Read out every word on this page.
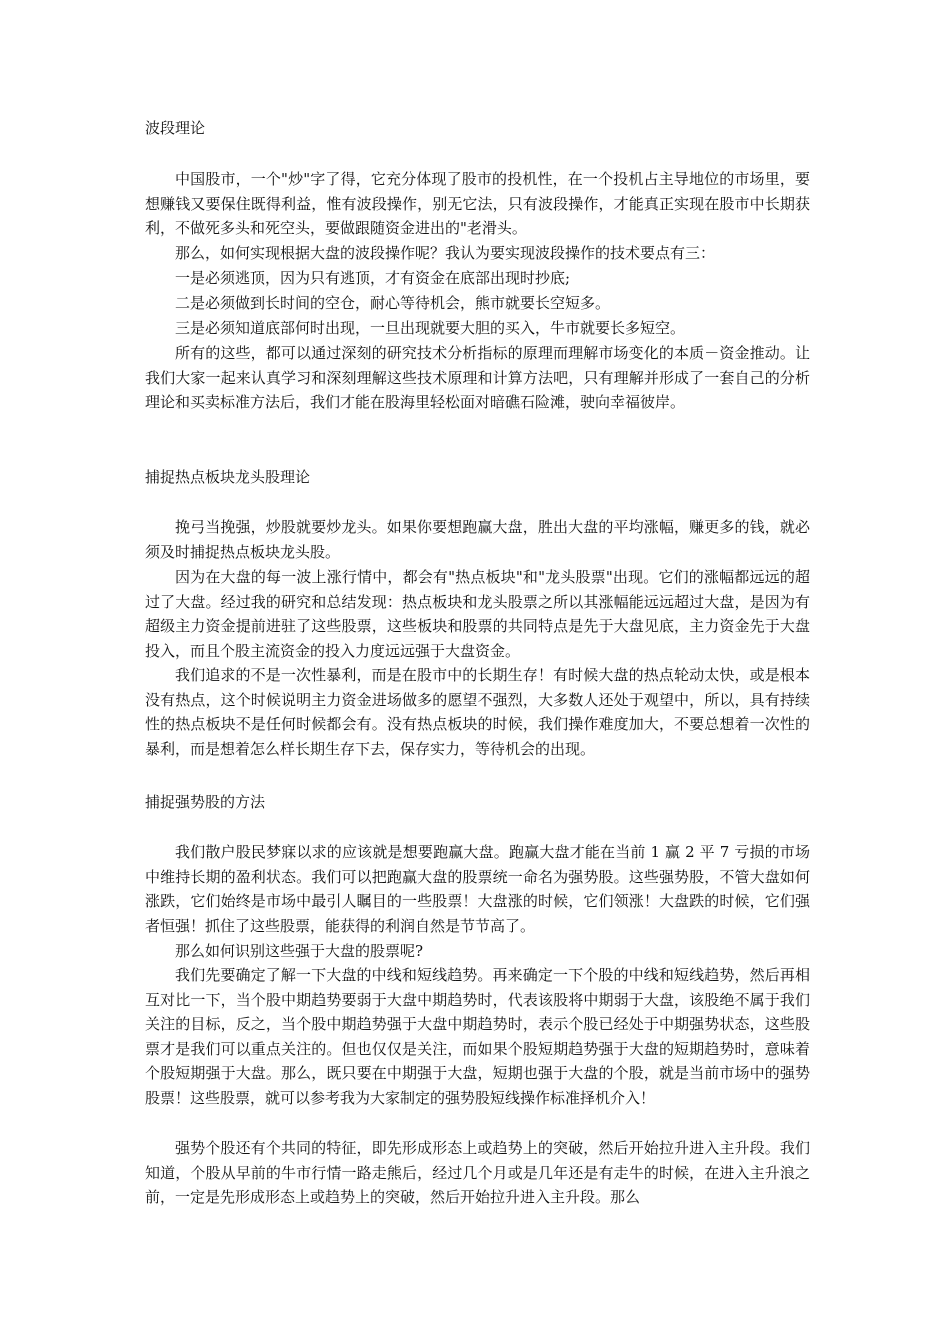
波段理论

中国股市，一个"炒"字了得，它充分体现了股市的投机性，在一个投机占主导地位的市场里，要想赚钱又要保住既得利益，惟有波段操作，别无它法，只有波段操作，才能真正实现在股市中长期获利，不做死多头和死空头，要做跟随资金进出的"老滑头。

那么，如何实现根据大盘的波段操作呢？我认为要实现波段操作的技术要点有三：

一是必须逃顶，因为只有逃顶，才有资金在底部出现时抄底;

二是必须做到长时间的空仓，耐心等待机会，熊市就要长空短多。

三是必须知道底部何时出现，一旦出现就要大胆的买入，牛市就要长多短空。

所有的这些，都可以通过深刻的研究技术分析指标的原理而理解市场变化的本质－资金推动。让我们大家一起来认真学习和深刻理解这些技术原理和计算方法吧，只有理解并形成了一套自己的分析理论和买卖标准方法后，我们才能在股海里轻松面对暗礁石险滩，驶向幸福彼岸。

捕捉热点板块龙头股理论

挽弓当挽强，炒股就要炒龙头。如果你要想跑赢大盘，胜出大盘的平均涨幅，赚更多的钱，就必须及时捕捉热点板块龙头股。

因为在大盘的每一波上涨行情中，都会有"热点板块"和"龙头股票"出现。它们的涨幅都远远的超过了大盘。经过我的研究和总结发现：热点板块和龙头股票之所以其涨幅能远远超过大盘，是因为有超级主力资金提前进驻了这些股票，这些板块和股票的共同特点是先于大盘见底，主力资金先于大盘投入，而且个股主流资金的投入力度远远强于大盘资金。

我们追求的不是一次性暴利，而是在股市中的长期生存！有时候大盘的热点轮动太快，或是根本没有热点，这个时候说明主力资金进场做多的愿望不强烈，大多数人还处于观望中，所以，具有持续性的热点板块不是任何时候都会有。没有热点板块的时候，我们操作难度加大，不要总想着一次性的暴利，而是想着怎么样长期生存下去，保存实力，等待机会的出现。

捕捉强势股的方法

我们散户股民梦寐以求的应该就是想要跑赢大盘。跑赢大盘才能在当前 1 赢 2 平 7 亏损的市场中维持长期的盈利状态。我们可以把跑赢大盘的股票统一命名为强势股。这些强势股，不管大盘如何涨跌，它们始终是市场中最引人瞩目的一些股票！大盘涨的时候，它们领涨！大盘跌的时候，它们强者恒强！抓住了这些股票，能获得的利润自然是节节高了。

那么如何识别这些强于大盘的股票呢?

我们先要确定了解一下大盘的中线和短线趋势。再来确定一下个股的中线和短线趋势，然后再相互对比一下，当个股中期趋势要弱于大盘中期趋势时，代表该股将中期弱于大盘，该股绝不属于我们关注的目标，反之，当个股中期趋势强于大盘中期趋势时，表示个股已经处于中期强势状态，这些股票才是我们可以重点关注的。但也仅仅是关注，而如果个股短期趋势强于大盘的短期趋势时，意味着个股短期强于大盘。那么，既只要在中期强于大盘，短期也强于大盘的个股，就是当前市场中的强势股票！这些股票，就可以参考我为大家制定的强势股短线操作标准择机介入！

强势个股还有个共同的特征，即先形成形态上或趋势上的突破，然后开始拉升进入主升段。我们知道，个股从早前的牛市行情一路走熊后，经过几个月或是几年还是有走牛的时候，在进入主升浪之前，一定是先形成形态上或趋势上的突破，然后开始拉升进入主升段。那么
